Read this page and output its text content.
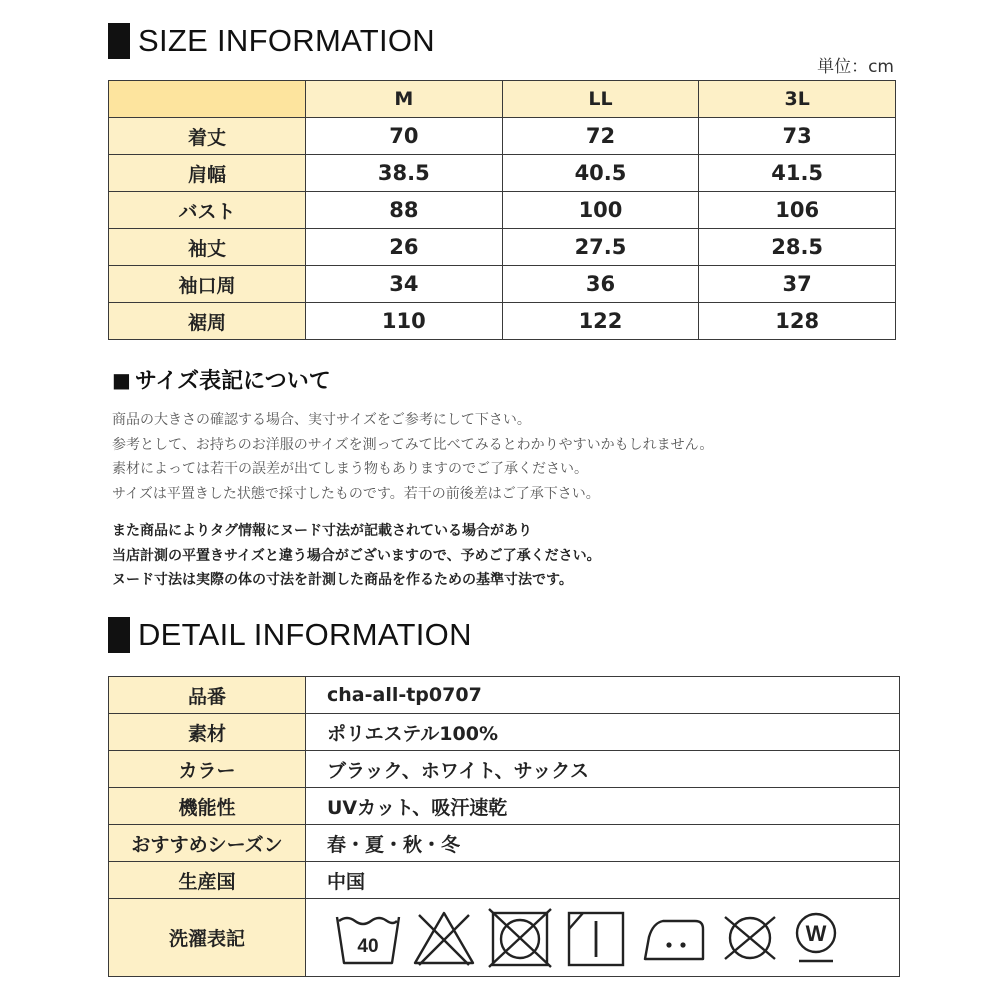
SIZE INFORMATION
単位：cm
	M	LL	3L
着丈	70	72	73
肩幅	38.5	40.5	41.5
バスト	88	100	106
袖丈	26	27.5	28.5
袖口周	34	36	37
裾周	110	122	128
■ サイズ表記について
商品の大きさの確認する場合、実寸サイズをご参考にして下さい。
参考として、お持ちのお洋服のサイズを測ってみて比べてみるとわかりやすいかもしれません。
素材によっては若干の誤差が出てしまう物もありますのでご了承ください。
サイズは平置きした状態で採寸したものです。若干の前後差はご了承下さい。
また商品によりタグ情報にヌード寸法が記載されている場合があり
当店計測の平置きサイズと違う場合がございますので、予めご了承ください。
ヌード寸法は実際の体の寸法を計測した商品を作るための基準寸法です。
DETAIL INFORMATION
品番	cha-all-tp0707
素材	ポリエステル100%
カラー	ブラック、ホワイト、サックス
機能性	UVカット、吸汗速乾
おすすめシーズン	春・夏・秋・冬
生産国	中国
洗濯表記	40
W
